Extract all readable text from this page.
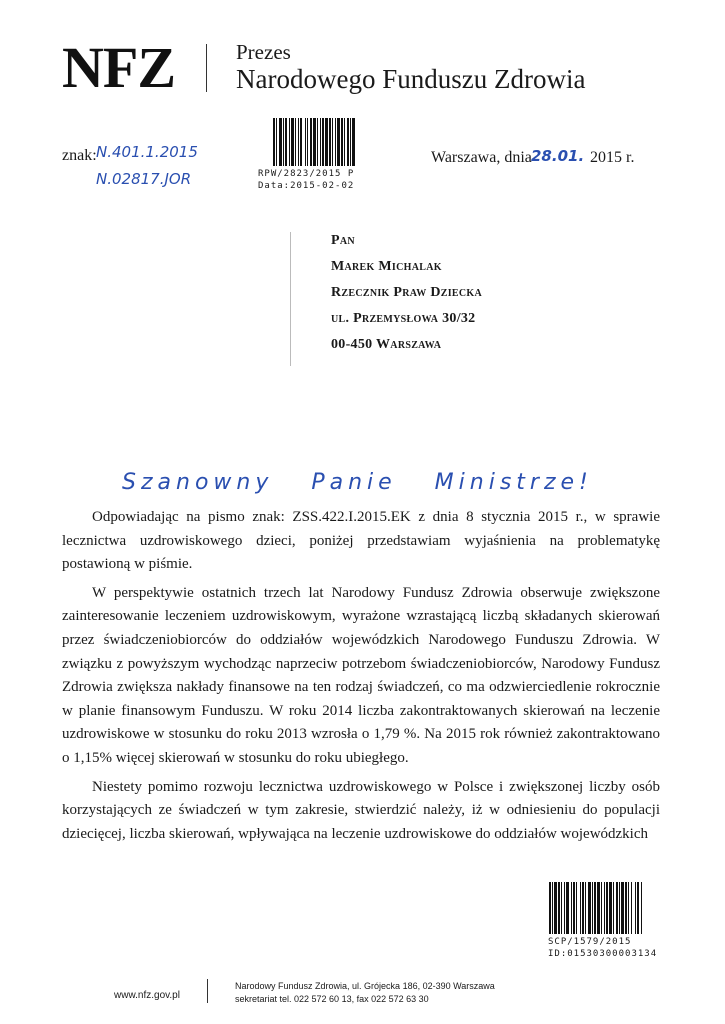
NFZ	Prezes
Narodowego Funduszu Zdrowia
RPW/2823/2015 P
Data:2015-02-02
znak: N.401.1.2015
N.02817.JOR
Warszawa, dnia 28.01. 2015 r.
Pan
Marek Michalak
Rzecznik Praw Dziecka
ul. Przemysłowa 30/32
00-450 Warszawa
Szanowny Panie Ministrze!

Odpowiadając na pismo znak: ZSS.422.I.2015.EK z dnia 8 stycznia 2015 r., w sprawie lecznictwa uzdrowiskowego dzieci, poniżej przedstawiam wyjaśnienia na problematykę postawioną w piśmie.

W perspektywie ostatnich trzech lat Narodowy Fundusz Zdrowia obserwuje zwiększone zainteresowanie leczeniem uzdrowiskowym, wyrażone wzrastającą liczbą składanych skierowań przez świadczeniobiorców do oddziałów wojewódzkich Narodowego Funduszu Zdrowia. W związku z powyższym wychodząc naprzeciw potrzebom świadczeniobiorców, Narodowy Fundusz Zdrowia zwiększa nakłady finansowe na ten rodzaj świadczeń, co ma odzwierciedlenie rokrocznie w planie finansowym Funduszu. W roku 2014 liczba zakontraktowanych skierowań na leczenie uzdrowiskowe w stosunku do roku 2013 wzrosła o 1,79 %. Na 2015 rok również zakontraktowano o 1,15% więcej skierowań w stosunku do roku ubiegłego.

Niestety pomimo rozwoju lecznictwa uzdrowiskowego w Polsce i zwiększonej liczby osób korzystających ze świadczeń w tym zakresie, stwierdzić należy, iż w odniesieniu do populacji dziecięcej, liczba skierowań, wpływająca na leczenie uzdrowiskowe do oddziałów wojewódzkich

SCP/1579/2015
ID:01530300003134
www.nfz.gov.pl
Narodowy Fundusz Zdrowia, ul. Grójecka 186, 02-390 Warszawa
sekretariat tel. 022 572 60 13, fax 022 572 63 30
